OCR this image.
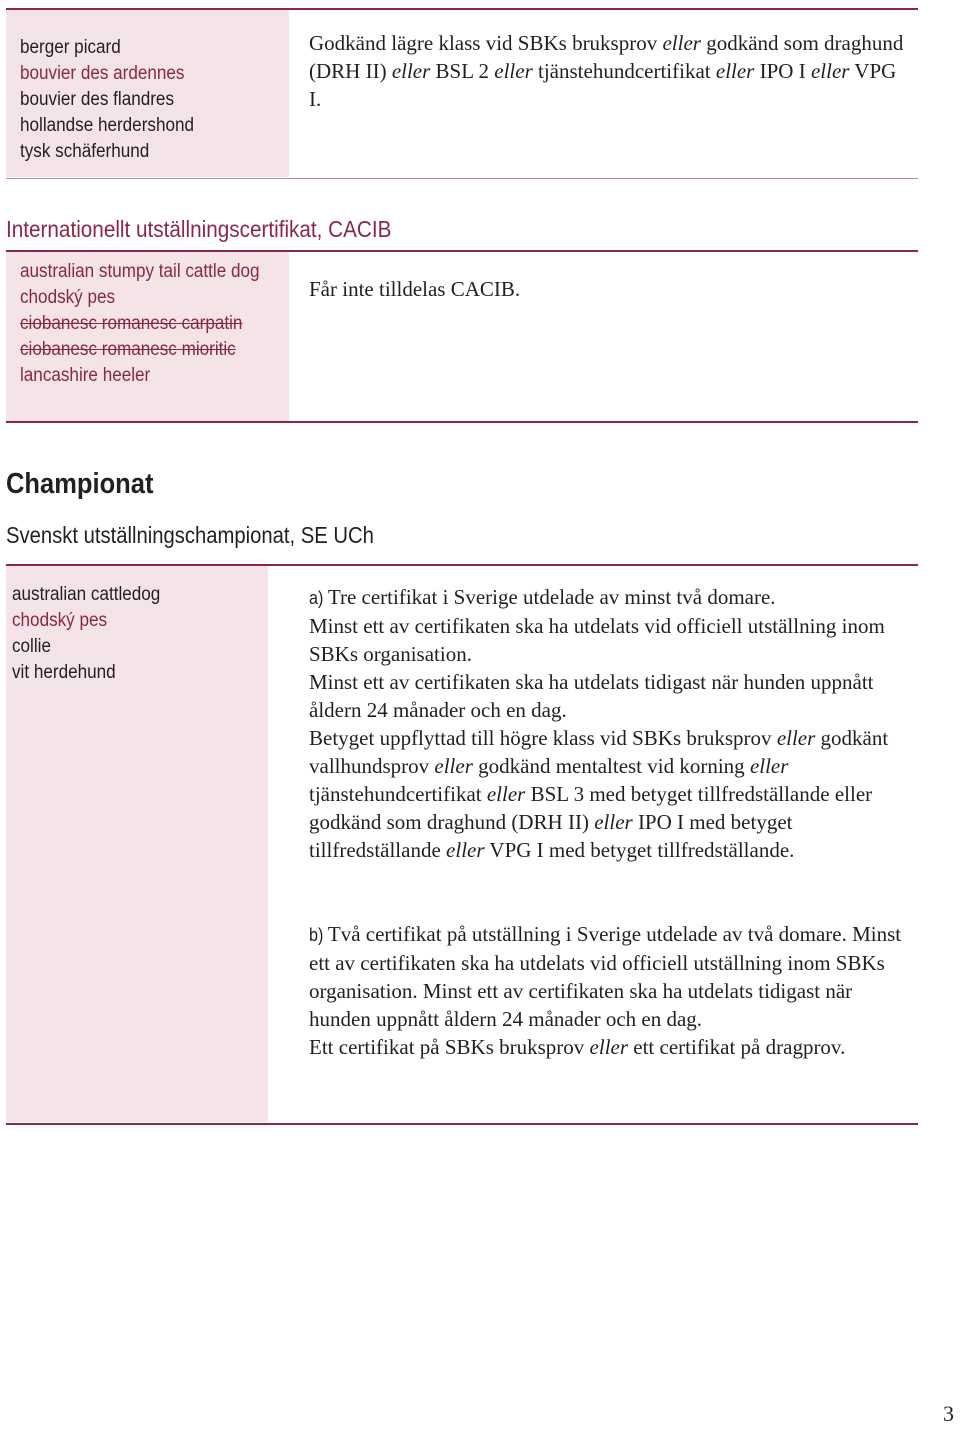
berger picard
bouvier des ardennes
bouvier des flandres
hollandse herdershond
tysk schäferhund

Godkänd lägre klass vid SBKs bruksprov eller godkänd som draghund (DRH II) eller BSL 2 eller tjänstehundcertifikat eller IPO I eller VPG I.

Internationellt utställningscertifikat, CACIB
australian stumpy tail cattle dog
chodský pes
ciobanesc romanesc carpatin
ciobanesc romanesc mioritic
lancashire heeler

Får inte tilldelas CACIB.

Championat
Svenskt utställningschampionat, SE UCh
australian cattledog
chodský pes
collie
vit herdehund

a) Tre certifikat i Sverige utdelade av minst två domare.

Minst ett av certifikaten ska ha utdelats vid officiell utställning inom SBKs organisation.

Minst ett av certifikaten ska ha utdelats tidigast när hunden uppnått åldern 24 månader och en dag.

Betyget uppflyttad till högre klass vid SBKs bruksprov eller godkänt vallhundsprov eller godkänd mentaltest vid korning eller tjänstehundcertifikat eller BSL 3 med betyget tillfredställande eller godkänd som draghund (DRH II) eller IPO I med betyget tillfredställande eller VPG I med betyget tillfredställande.

b) Två certifikat på utställning i Sverige utdelade av två domare. Minst ett av certifikaten ska ha utdelats vid officiell utställning inom SBKs organisation. Minst ett av certifikaten ska ha utdelats tidigast när hunden uppnått åldern 24 månader och en dag.

Ett certifikat på SBKs bruksprov eller ett certifikat på dragprov.

3
